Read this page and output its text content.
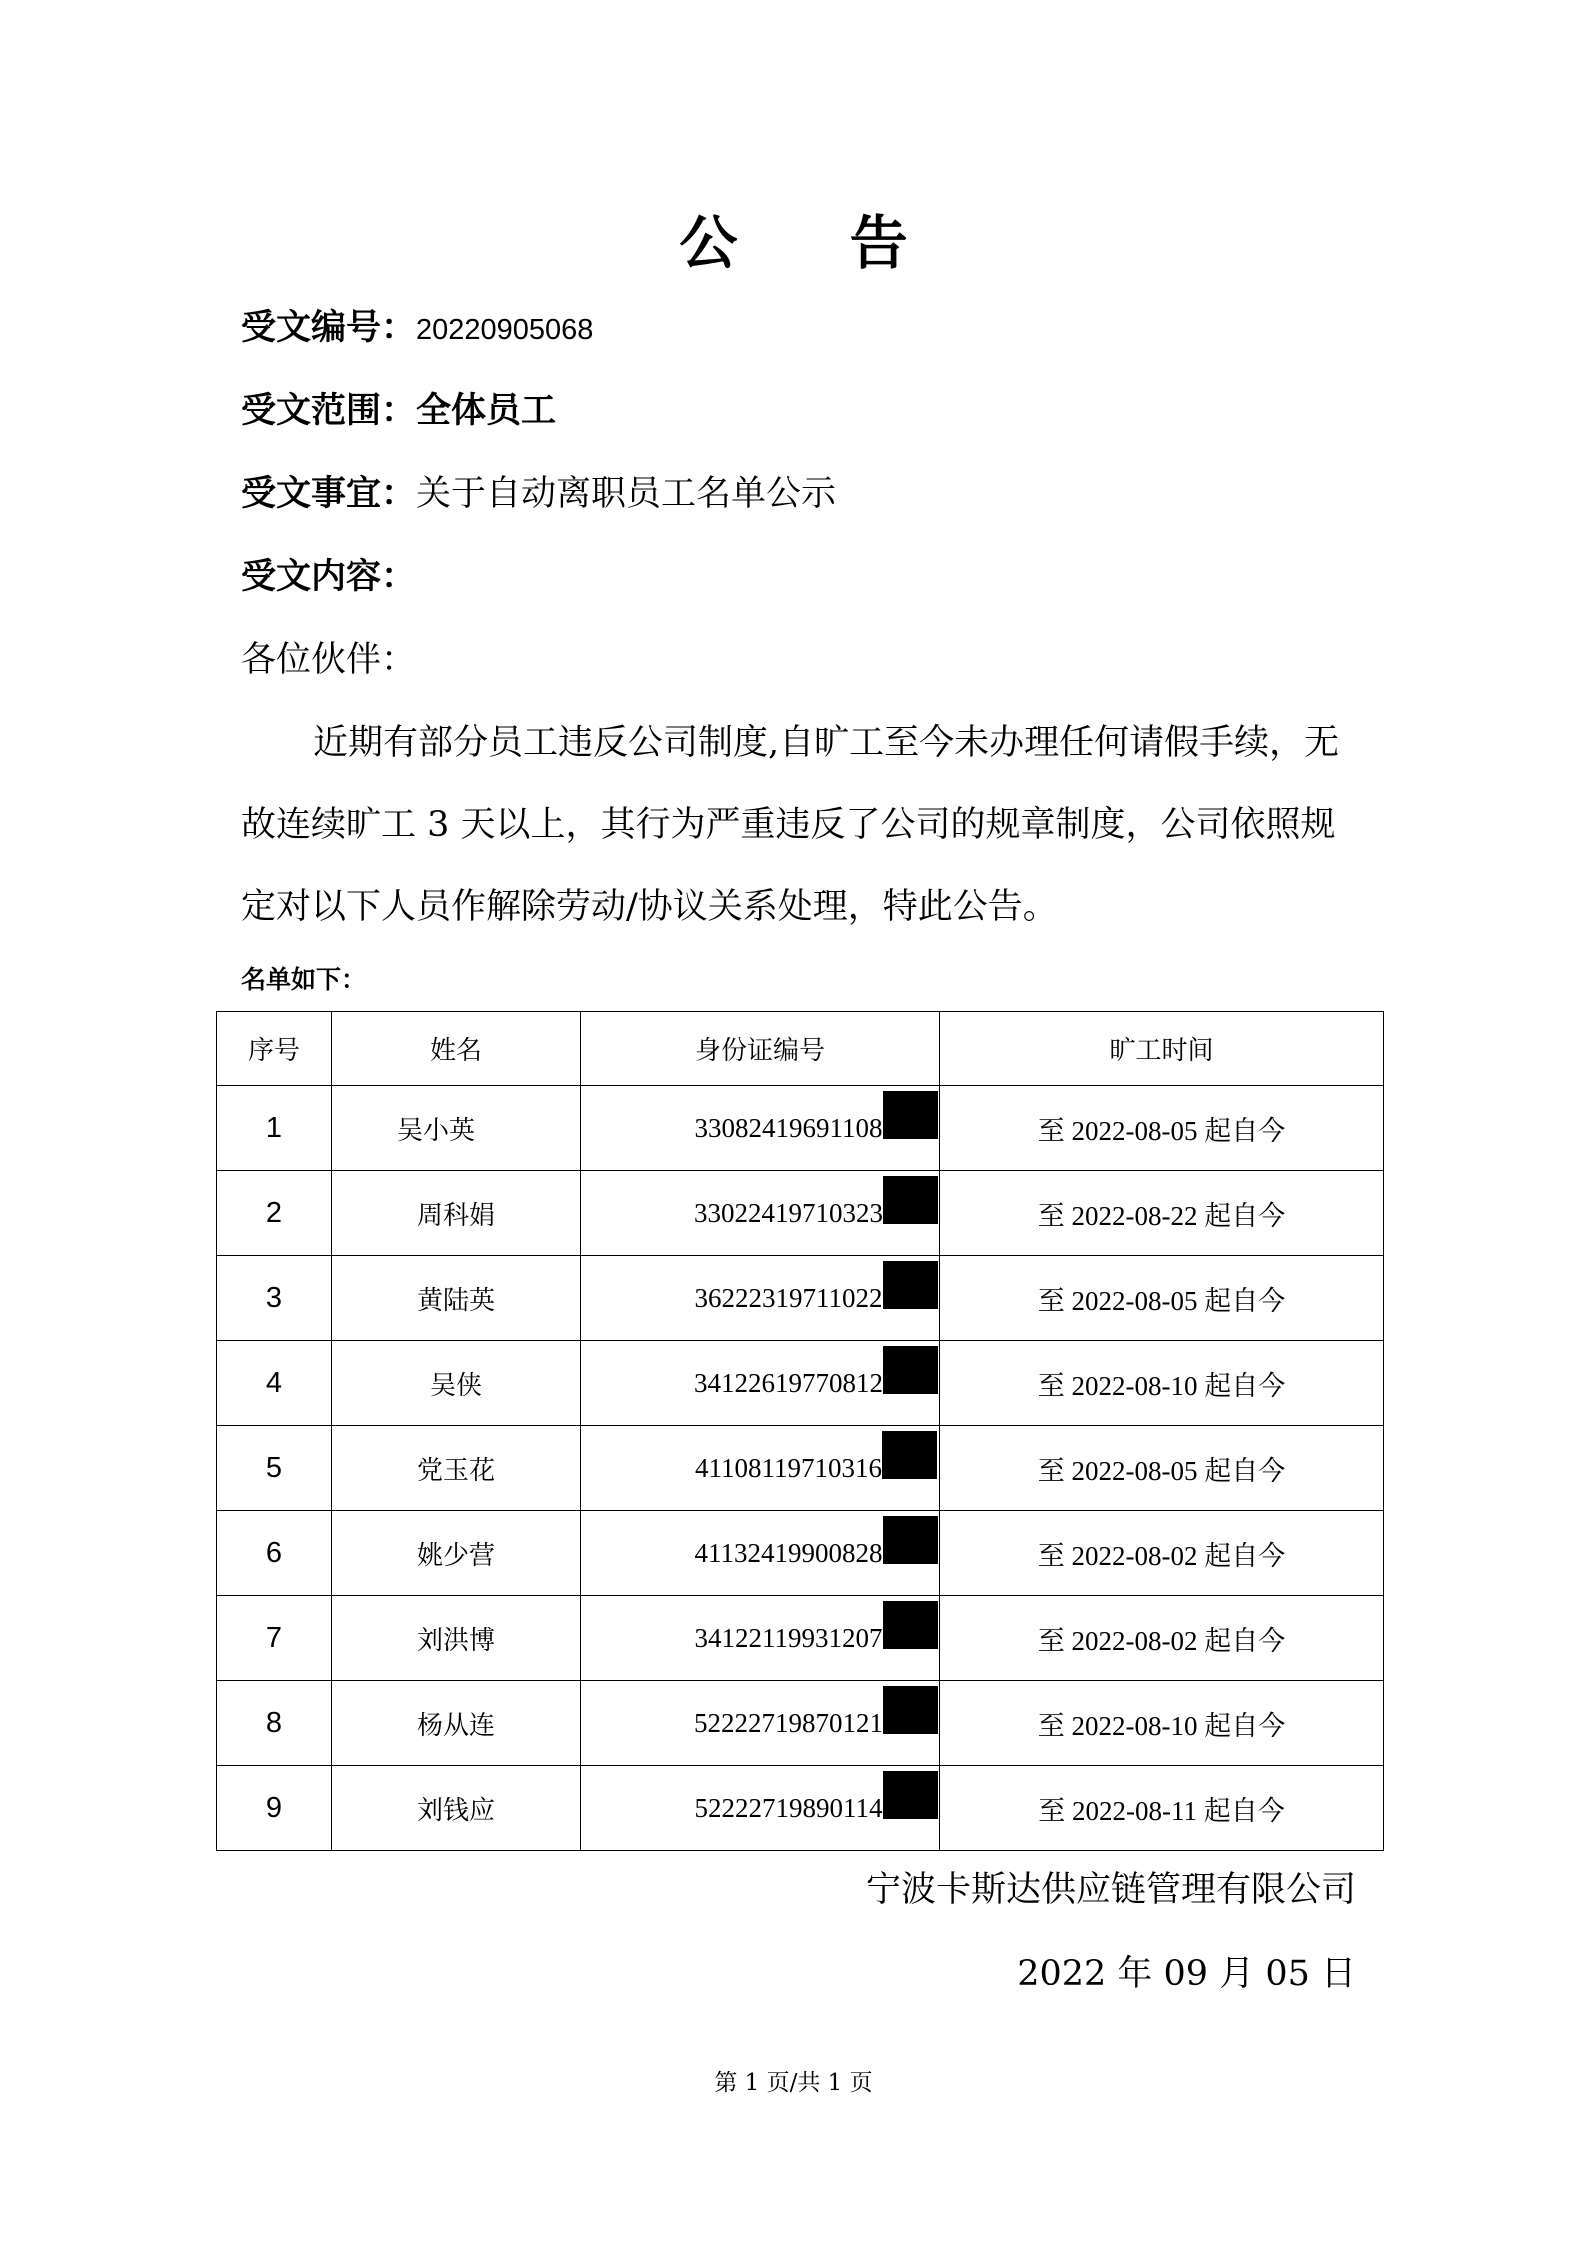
公 告
受文编号：20220905068
受文范围：全体员工
受文事宜：关于自动离职员工名单公示
受文内容：
各位伙伴：

近期有部分员工违反公司制度,自旷工至今未办理任何请假手续，无故连续旷工 3 天以上，其行为严重违反了公司的规章制度，公司依照规定对以下人员作解除劳动/协议关系处理，特此公告。

名单如下：
序号	姓名	身份证编号	旷工时间
1	吴小英	33082419691108	至 2022-08-05 起自今
2	周科娟	33022419710323	至 2022-08-22 起自今
3	黄陆英	36222319711022	至 2022-08-05 起自今
4	吴侠	34122619770812	至 2022-08-10 起自今
5	党玉花	41108119710316	至 2022-08-05 起自今
6	姚少营	41132419900828	至 2022-08-02 起自今
7	刘洪博	34122119931207	至 2022-08-02 起自今
8	杨从连	52222719870121	至 2022-08-10 起自今
9	刘钱应	52222719890114	至 2022-08-11 起自今
宁波卡斯达供应链管理有限公司
2022 年 09 月 05 日
第 1 页/共 1 页
